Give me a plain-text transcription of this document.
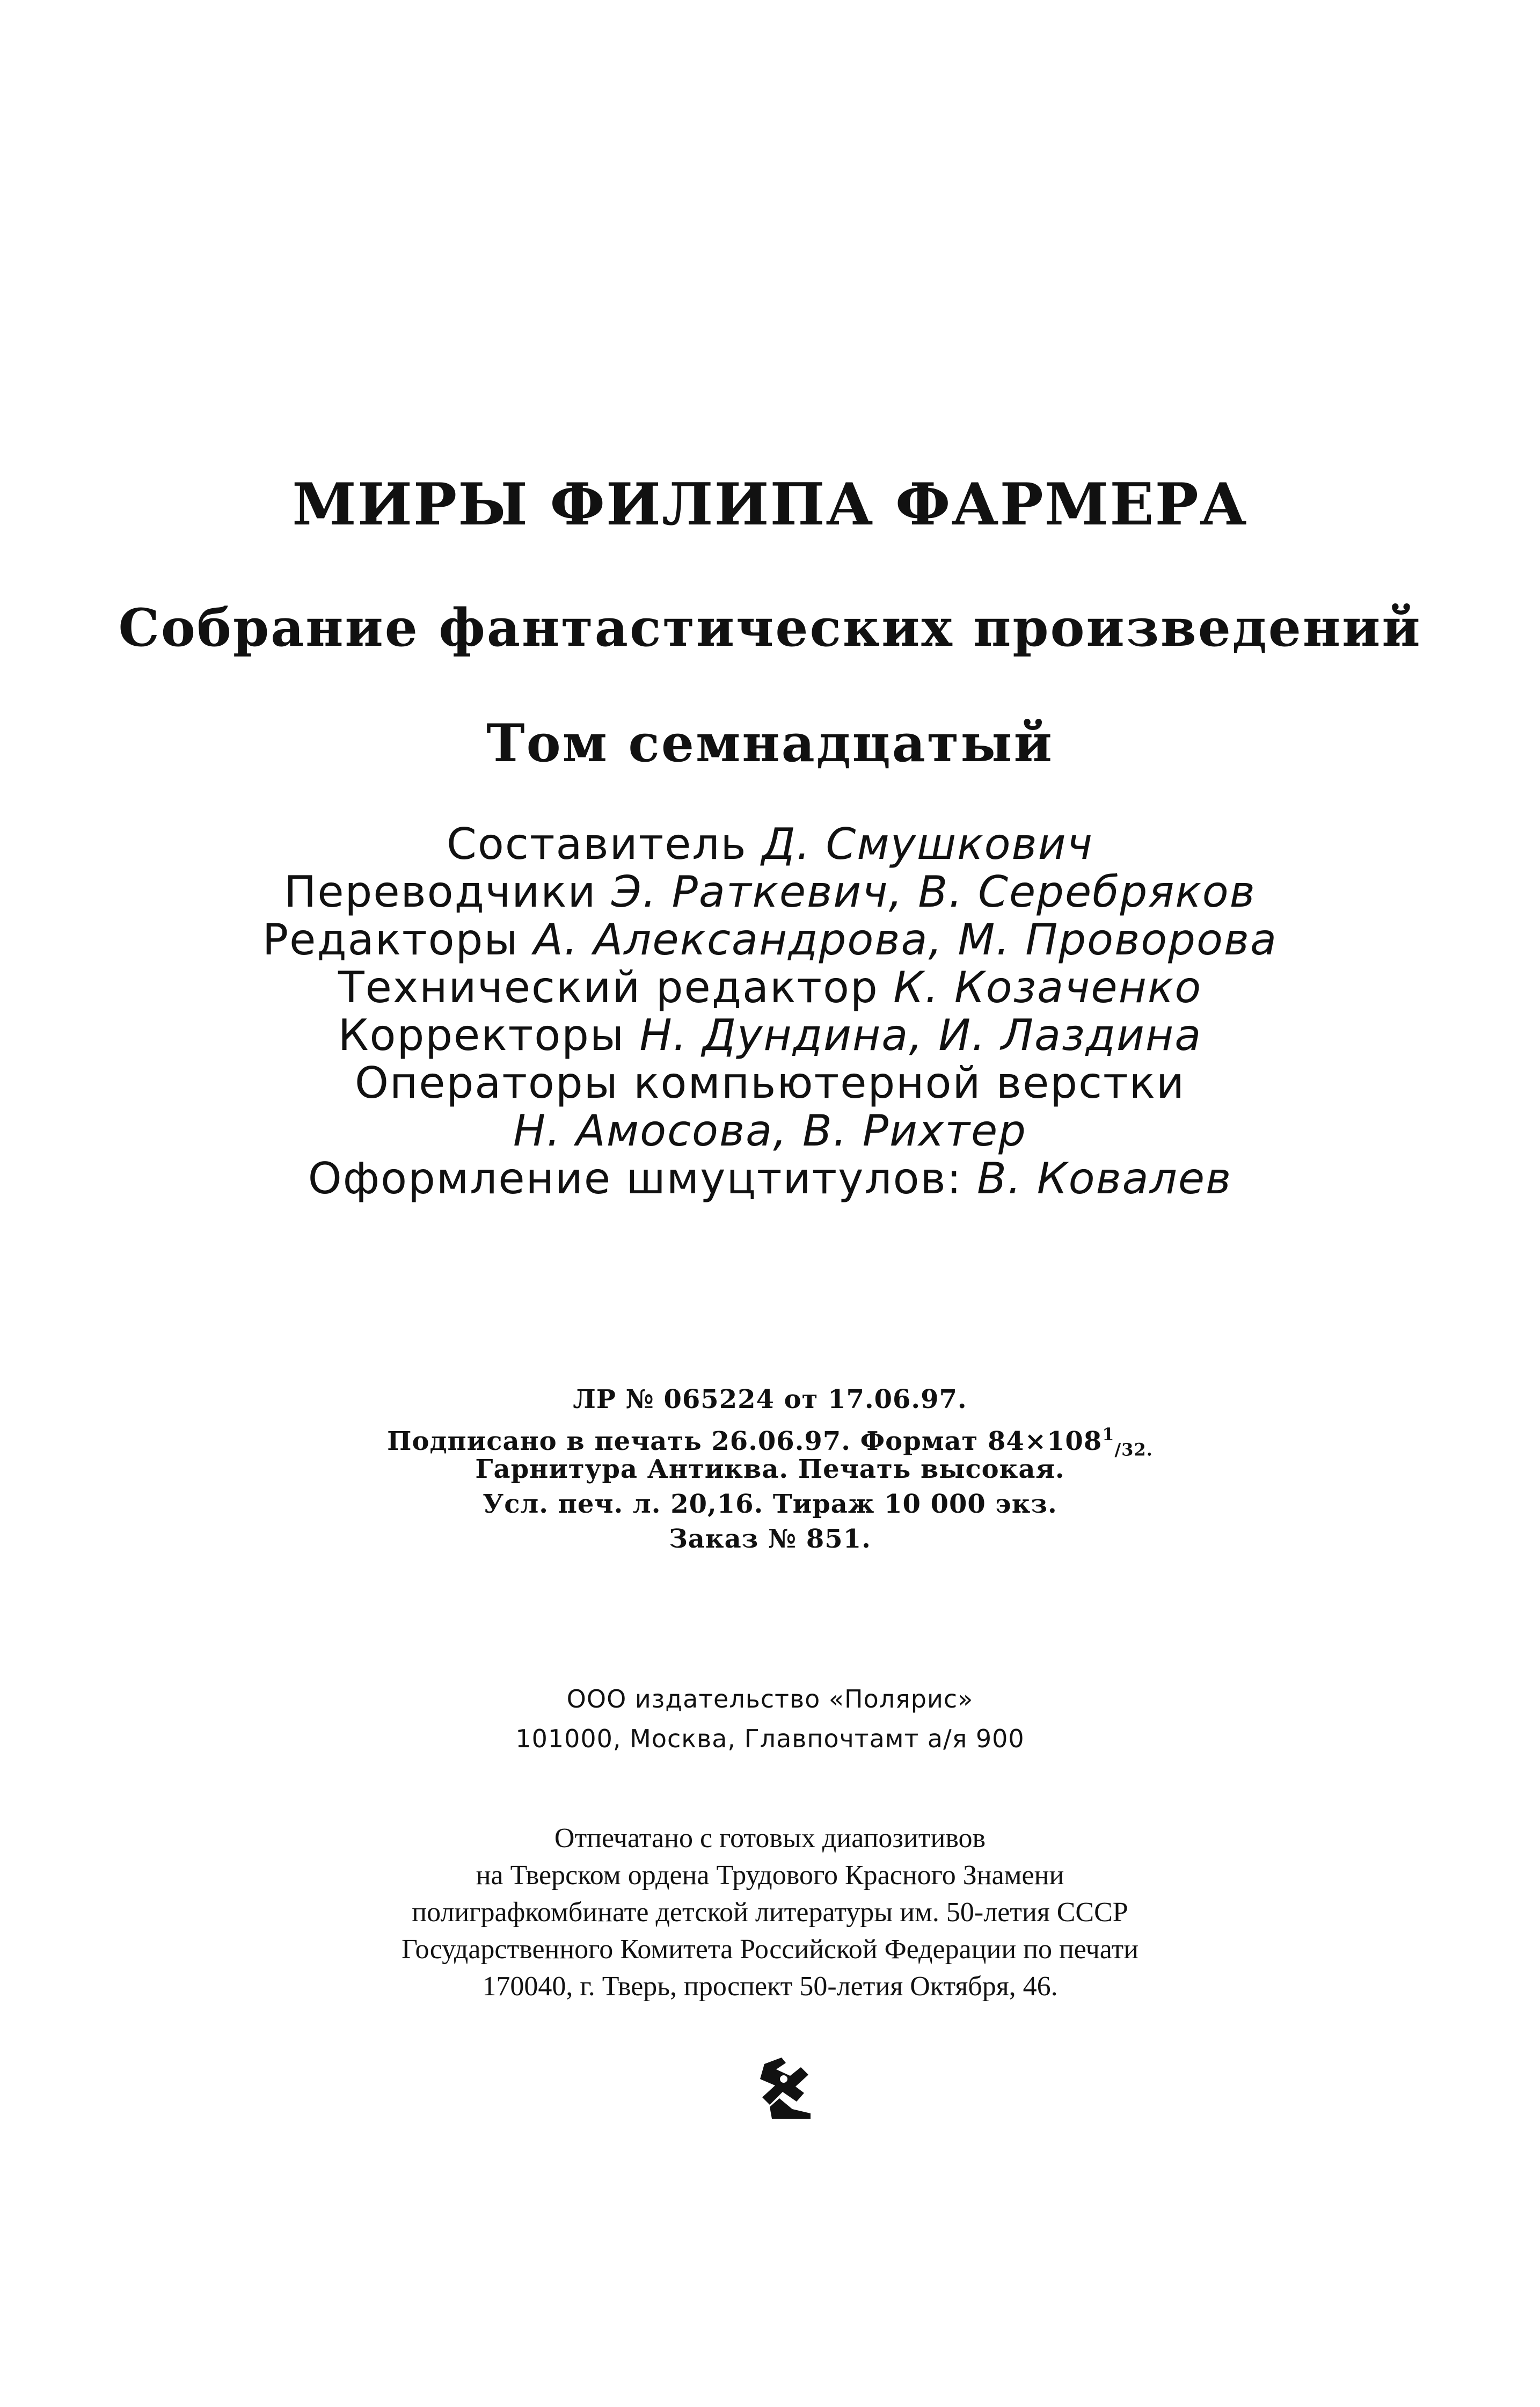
МИРЫ ФИЛИПА ФАРМЕРА
Собрание фантастических произведений
Том семнадцатый
Составитель Д. Смушкович
Переводчики Э. Раткевич, В. Серебряков
Редакторы А. Александрова, М. Проворова
Технический редактор К. Козаченко
Корректоры Н. Дундина, И. Лаздина
Операторы компьютерной верстки
Н. Амосова, В. Рихтер
Оформление шмуцтитулов: В. Ковалев
ЛР № 065224 от 17.06.97.
Подписано в печать 26.06.97. Формат $84\times 108^1_{/32.}$
Гарнитура Антиква. Печать высокая.
Усл. печ. л. 20,16. Тираж 10 000 экз.
Заказ № 851.
ООО издательство «Полярис»
101000, Москва, Главпочтамт а/я 900
Отпечатано с готовых диапозитивов
на Тверском ордена Трудового Красного Знамени
полиграфкомбинате детской литературы им. 50-летия СССР
Государственного Комитета Российской Федерации по печати
170040, г. Тверь, проспект 50-летия Октября, 46.
